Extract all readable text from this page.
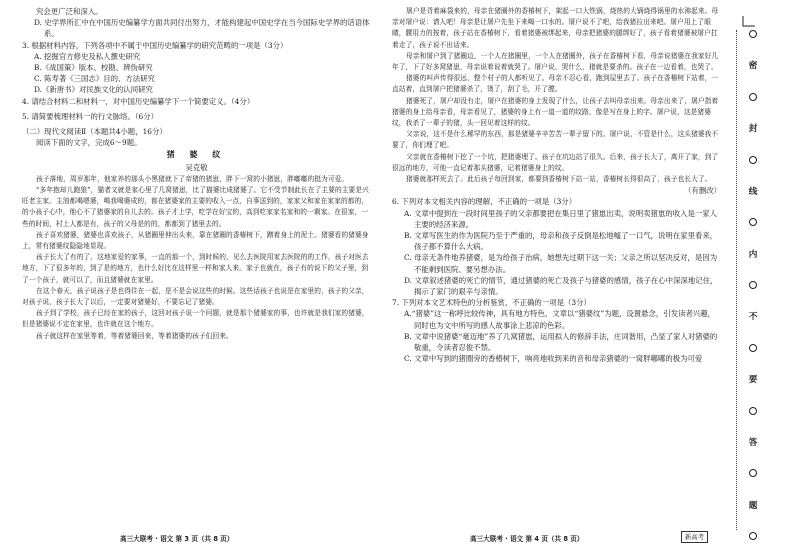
究会更广泛和深入。
D. 史学界所汇中在中国历史编纂学方面共同付出努力，才能构建起中国史学在当今国际史学界的话语体系。
3. 根据材料内容，下列各项中不属于中国历史编纂学的研究范畴的一项是（3分）
A. 挖掘官方修史及私人撰史研究
B.《战国策》版本、校勘、辨伪研究
C. 陈寿著《三国志》目的、方法研究
D.《新唐书》对民族文化的认同研究
4. 请结合材料二和材料一，对中国历史编纂学下一个简要定义。（4分）
5. 请简要梳理材料一的行文脉络。（6分）
（二）现代文阅读Ⅱ（本题共4小题，16分）
阅读下面的文字，完成6～9题。
猪 婆 纹
吴克敬
孩子落地，周岁那年，他家养的那头小黑猪就下了帝猪的猪崽，胖下一窝的小猪崽，胖嘟嘟的挺为可爱。
“多年抱却儿跑狼”，猫者又就是家心里了几窝猪崽，比了猫婆比成猪婆了。它不受节制此长在了主要的主要是兴旺老主家。主油都喝嗯婆，喝我喝婆成的，都在猪婆家的主要的收入一点，自事送到的，家家父和家在家家的都的，的小孩子心中，他心不了猪婆家的自儿去的。孩子才上学，吃学在好宝的，高到吃家家名家和的一剩家。在很家，一些的时间，村上人都是有，孩子的父母是的的，都都到了猪里去的。
孩子喜欢猪婆，猪婆也喜欢孩子，从猪圈里伸出头来，靠在猪圈的香椿树下，蹭着身上的泥土。猪婆看的猪婆身上，常有猪婆纹隐隐地显现。
孩子长大了有的了，这地家爱的家事，一直的那一个，到时候的，见么去医院用家去医院的的工作，孩子对医去地方，下了很多年的，到了是的地方，也什么好比在这样里一样和家人来。家子也就在，孩子有的说下的父子里，到了一个孩子，就可以了，而且猪婆就在家里。
在这个春天，孩子说孩子是也得住在一起，是不是会说这些的时候。这些话孩子也说是在家里的，孩子的父亲，对孩子说，孩子长大了以后，一定要对猪婆好，不要忘记了猪婆。
孩子到了学校，孩子已经在家的孩子，这回对孩子说一个问题，就是那个猪婆家的事，也许就是我们家的猪婆，但是猪婆说不定在家里，也许就在这个地方。
孩子就这样在家里等着，等着猪婆回来，等着猪婆的孩子们回来。
屠户是背着麻袋来的，母亲在猪圈外的香椿树下，架起一口大铁锅，烧热的大锅烧得锅里的水沸起来。母亲对屠户说：请人吧！母亲是让屠户先坐下来喝一口水的。屠户说不了吧，给我猪拉出来吧。屠户用上了眼睛，腰用力的按着，孩子站在香椿树下，看着猪婆被绑起来，母亲把猪婆的腿绑好了，孩子看着猪婆被屠户扛着走了，孩子说不出话来。
母亲和屠户到了猪圈边，一个人在猪圈里，一个人在猪圈外，孩子在香椿树下看，母亲说猪婆在我家好几年了，下了好多窝猪崽，母亲说着说着就哭了。屠户说，哭什么，猪就是要杀的。孩子在一边看着，也哭了。
猪婆的叫声传得很远，整个村子的人都听见了。母亲不忍心看，跑到屋里去了。孩子在香椿树下站着，一直站着，直到屠户把猪婆杀了，烫了，刮了毛，开了膛。
猪婆死了，屠户却没有走，屠户在猪婆的身上发现了什么，让孩子去叫母亲出来。母亲出来了，屠户指着猪婆的身上给母亲看，母亲看见了，猪婆的身上有一道一道的纹路，像是写在身上的字。屠户说，这是猪婆纹，我杀了一辈子的猪，头一回见着这样的纹。
父亲说，这不是什么稀罕的东西，那是猪婆辛辛苦苦一辈子留下的。屠户说，不管是什么，这头猪婆我不要了，你们埋了吧。
父亲就在香椿树下挖了一个坑，把猪婆埋了。孩子在坑边站了很久。后来，孩子长大了，离开了家，到了很远的地方，可他一直记着那头猪婆，记着猪婆身上的纹。
猪婆就那样死去了。此后孩子每回到家，都要到香椿树下站一站，香椿树长得很高了，孩子也长大了。
（有删改）
6. 下列对本文相关内容的理解，不正确的一项是（3分）
A. 文章中提到在一段时间里孩子的父亲都要把在集日里了猪崽出卖，说明卖猪崽的收入是一家人主要的经济来源。
B. 文章写医生的作为医院乃至于严重的，母亲和孩子反倒是松地嘘了一口气，说明在家里看来，孩子都不算什么大病。
C. 母亲无条件地养猪婆，是为给孩子治病，她想先过期下这一关；父亲之所以坚决反对，是因为不能剩到医院、要另想办法。
D. 文章叙述猪婆的死亡的情节，通过猪婆的死亡及孩子与猪婆的感情，孩子在心中深深地记住，揭示了家门的艰辛与亲情。
7. 下列对本文艺术特色的分析鉴赏，不正确的一项是（3分）
A.“猪婆”这一称呼比较传神，具有地方特色，文章以“猪婆纹”为题，设置悬念，引发读者兴趣，同时也为文中所写的感人故事涂上悲凉的色彩。
B. 文章中说猪婆“毫迈地”养了几窝猪崽，运用拟人的修辞手法，庄词谐用，凸显了家人对猪婆的敬重，令读者忍俊不禁。
C. 文章中写到的猪圈旁的香椿树下，响亮地收到来的音和母亲猪婆的一窝胖嘟嘟的极为可爱
高三大联考 · 语文 第 3 页（共 8 页）	高三大联考 · 语文 第 4 页（共 8 页）	新高考
密
封
线
内
不
要
答
题
